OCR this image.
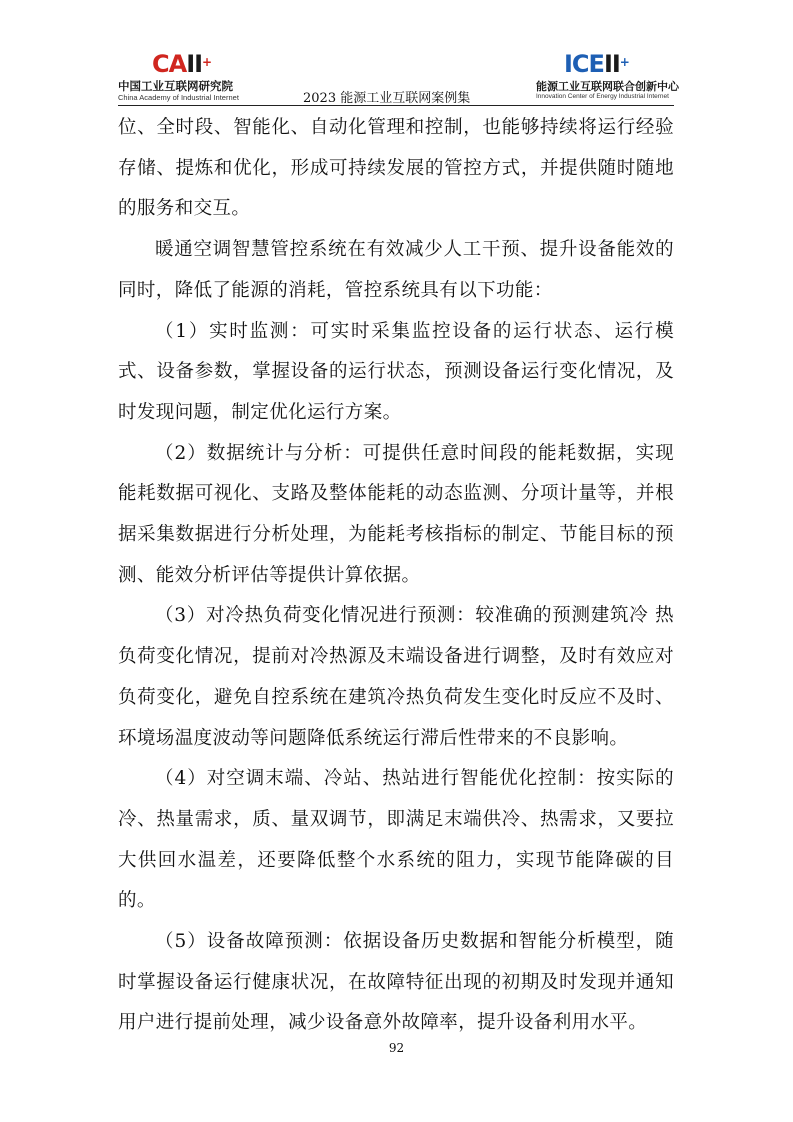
CAII+
中国工业互联网研究院
China Academy of Industrial Internet	2023 能源工业互联网案例集
ICEII+
能源工业互联网联合创新中心
Innovation Center of Energy Industrial Internet

位、全时段、智能化、自动化管理和控制，也能够持续将运行经验存储、提炼和优化，形成可持续发展的管控方式，并提供随时随地的服务和交互。

暖通空调智慧管控系统在有效减少人工干预、提升设备能效的同时，降低了能源的消耗，管控系统具有以下功能：

（1）实时监测：可实时采集监控设备的运行状态、运行模式、设备参数，掌握设备的运行状态，预测设备运行变化情况，及时发现问题，制定优化运行方案。

（2）数据统计与分析：可提供任意时间段的能耗数据，实现能耗数据可视化、支路及整体能耗的动态监测、分项计量等，并根据采集数据进行分析处理，为能耗考核指标的制定、节能目标的预测、能效分析评估等提供计算依据。

（3）对冷热负荷变化情况进行预测：较准确的预测建筑冷 热负荷变化情况，提前对冷热源及末端设备进行调整，及时有效应对负荷变化，避免自控系统在建筑冷热负荷发生变化时反应不及时、环境场温度波动等问题降低系统运行滞后性带来的不良影响。

（4）对空调末端、冷站、热站进行智能优化控制：按实际的冷、热量需求，质、量双调节，即满足末端供冷、热需求，又要拉大供回水温差，还要降低整个水系统的阻力，实现节能降碳的目的。

（5）设备故障预测：依据设备历史数据和智能分析模型，随时掌握设备运行健康状况，在故障特征出现的初期及时发现并通知用户进行提前处理，减少设备意外故障率，提升设备利用水平。

92
